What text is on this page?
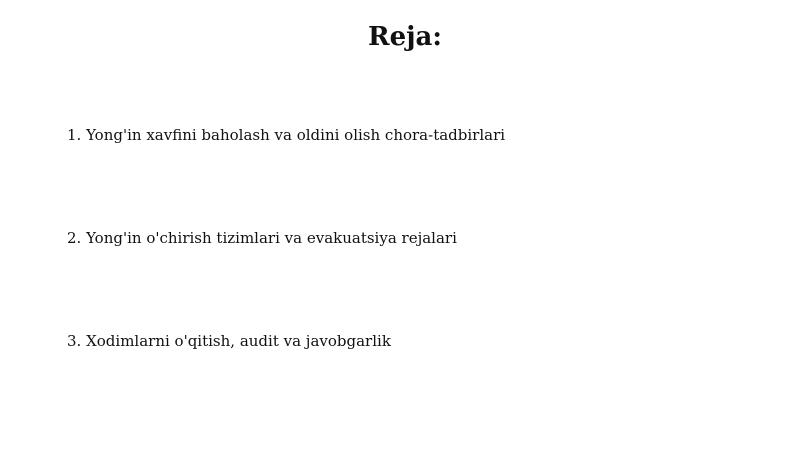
Reja:
1. Yong'in xavfini baholash va oldini olish chora-tadbirlari
2. Yong'in o'chirish tizimlari va evakuatsiya rejalari
3. Xodimlarni o'qitish, audit va javobgarlik
